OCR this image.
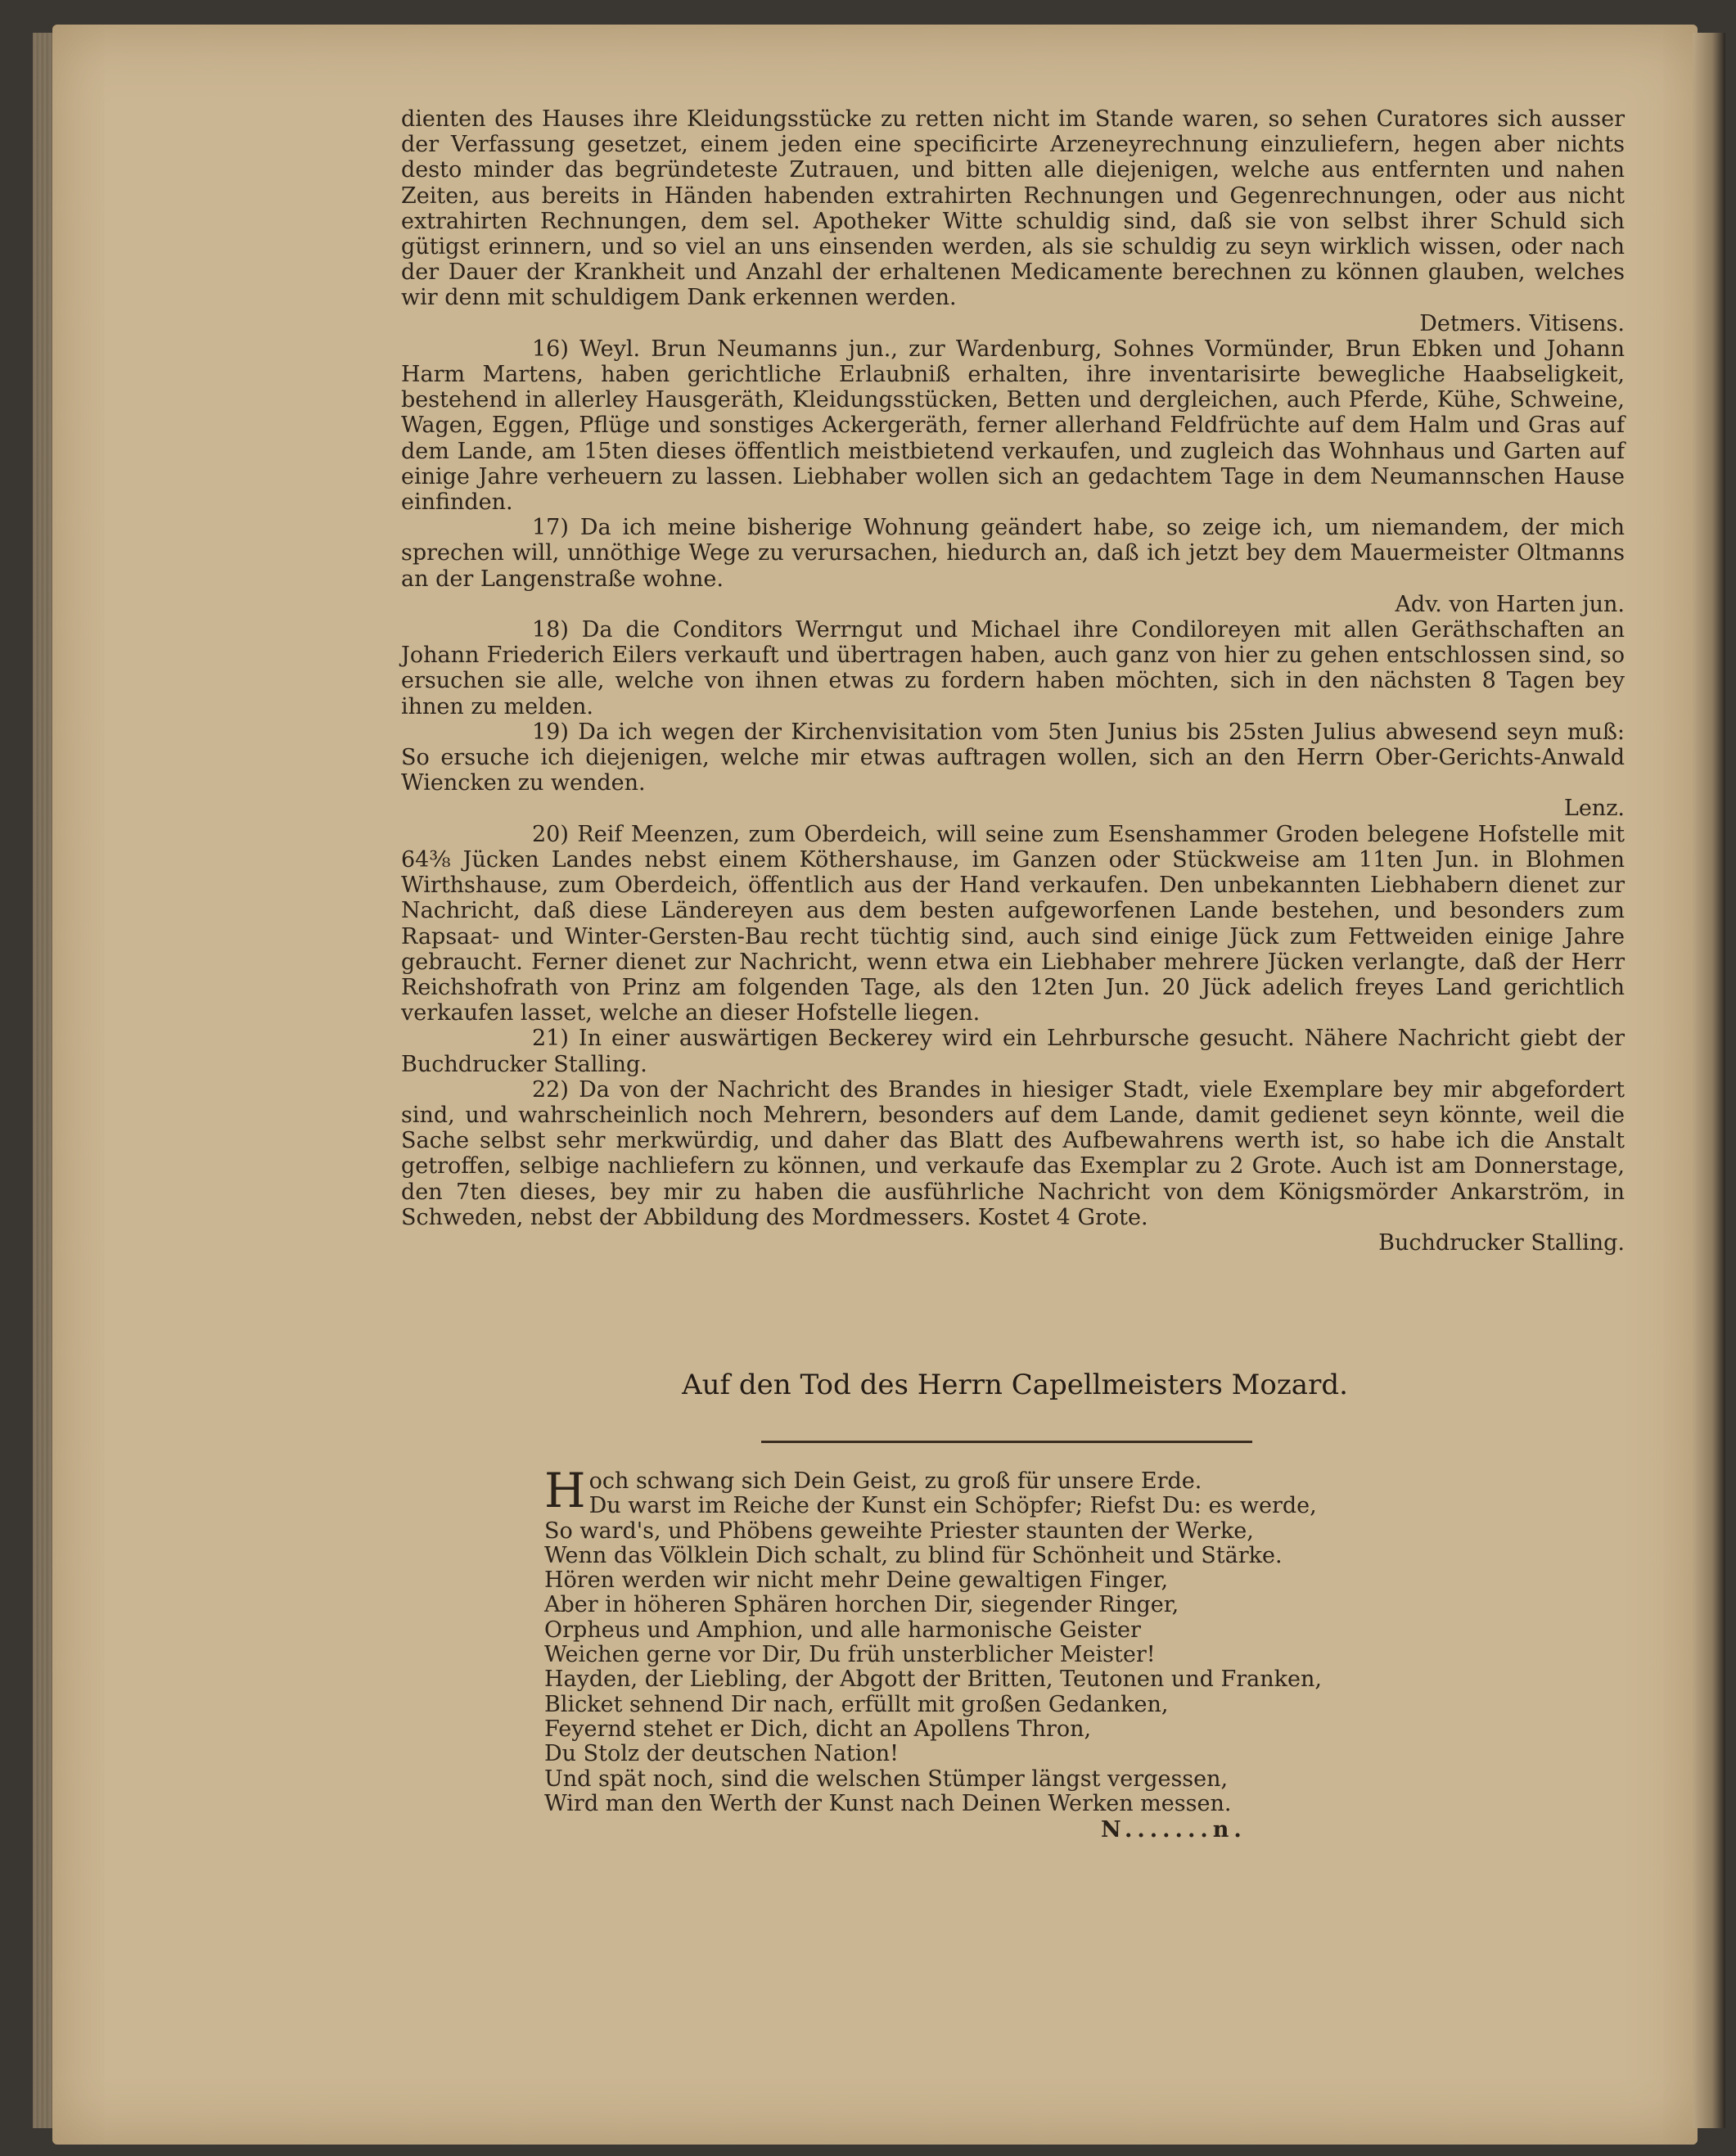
dienten des Hauses ihre Kleidungsstücke zu retten nicht im Stande waren, so sehen Curatores sich ausser der Verfassung gesetzet, einem jeden eine specificirte Arzeneyrechnung einzuliefern, hegen aber nichts desto minder das begründeteste Zutrauen, und bitten alle diejenigen, welche aus entfernten und nahen Zeiten, aus bereits in Händen habenden extrahirten Rechnungen und Gegenrechnungen, oder aus nicht extrahirten Rechnungen, dem sel. Apotheker Witte schuldig sind, daß sie von selbst ihrer Schuld sich gütigst erinnern, und so viel an uns einsenden werden, als sie schuldig zu seyn wirklich wissen, oder nach der Dauer der Krankheit und Anzahl der erhaltenen Medicamente berechnen zu können glauben, welches wir denn mit schuldigem Dank erkennen werden.
Detmers. Vitisens.

16) Weyl. Brun Neumanns jun., zur Wardenburg, Sohnes Vormünder, Brun Ebken und Johann Harm Martens, haben gerichtliche Erlaubniß erhalten, ihre inventarisirte bewegliche Haabseligkeit, bestehend in allerley Hausgeräth, Kleidungsstücken, Betten und dergleichen, auch Pferde, Kühe, Schweine, Wagen, Eggen, Pflüge und sonstiges Ackergeräth, ferner allerhand Feldfrüchte auf dem Halm und Gras auf dem Lande, am 15ten dieses öffentlich meistbietend verkaufen, und zugleich das Wohnhaus und Garten auf einige Jahre verheuern zu lassen. Liebhaber wollen sich an gedachtem Tage in dem Neumannschen Hause einfinden.

17) Da ich meine bisherige Wohnung geändert habe, so zeige ich, um niemandem, der mich sprechen will, unnöthige Wege zu verursachen, hiedurch an, daß ich jetzt bey dem Mauermeister Oltmanns an der Langenstraße wohne.
Adv. von Harten jun.

18) Da die Conditors Werrngut und Michael ihre Condiloreyen mit allen Geräthschaften an Johann Friederich Eilers verkauft und übertragen haben, auch ganz von hier zu gehen entschlossen sind, so ersuchen sie alle, welche von ihnen etwas zu fordern haben möchten, sich in den nächsten 8 Tagen bey ihnen zu melden.

19) Da ich wegen der Kirchenvisitation vom 5ten Junius bis 25sten Julius abwesend seyn muß: So ersuche ich diejenigen, welche mir etwas auftragen wollen, sich an den Herrn Ober-Gerichts-Anwald Wiencken zu wenden.
Lenz.

20) Reif Meenzen, zum Oberdeich, will seine zum Esenshammer Groden belegene Hofstelle mit 64⅜ Jücken Landes nebst einem Köthershause, im Ganzen oder Stückweise am 11ten Jun. in Blohmen Wirthshause, zum Oberdeich, öffentlich aus der Hand verkaufen. Den unbekannten Liebhabern dienet zur Nachricht, daß diese Ländereyen aus dem besten aufgeworfenen Lande bestehen, und besonders zum Rapsaat- und Winter-Gersten-Bau recht tüchtig sind, auch sind einige Jück zum Fettweiden einige Jahre gebraucht. Ferner dienet zur Nachricht, wenn etwa ein Liebhaber mehrere Jücken verlangte, daß der Herr Reichshofrath von Prinz am folgenden Tage, als den 12ten Jun. 20 Jück adelich freyes Land gerichtlich verkaufen lasset, welche an dieser Hofstelle liegen.

21) In einer auswärtigen Beckerey wird ein Lehrbursche gesucht. Nähere Nachricht giebt der Buchdrucker Stalling.

22) Da von der Nachricht des Brandes in hiesiger Stadt, viele Exemplare bey mir abgefordert sind, und wahrscheinlich noch Mehrern, besonders auf dem Lande, damit gedienet seyn könnte, weil die Sache selbst sehr merkwürdig, und daher das Blatt des Aufbewahrens werth ist, so habe ich die Anstalt getroffen, selbige nachliefern zu können, und verkaufe das Exemplar zu 2 Grote. Auch ist am Donnerstage, den 7ten dieses, bey mir zu haben die ausführliche Nachricht von dem Königsmörder Ankarström, in Schweden, nebst der Abbildung des Mordmessers. Kostet 4 Grote.
Buchdrucker Stalling.

Auf den Tod des Herrn Capellmeisters Mozard.
H och schwang sich Dein Geist, zu groß für unsere Erde.
Du warst im Reiche der Kunst ein Schöpfer; Riefst Du: es werde,
So ward's, und Phöbens geweihte Priester staunten der Werke,
Wenn das Völklein Dich schalt, zu blind für Schönheit und Stärke.
Hören werden wir nicht mehr Deine gewaltigen Finger,
Aber in höheren Sphären horchen Dir, siegender Ringer,
Orpheus und Amphion, und alle harmonische Geister
Weichen gerne vor Dir, Du früh unsterblicher Meister!
Hayden, der Liebling, der Abgott der Britten, Teutonen und Franken,
Blicket sehnend Dir nach, erfüllt mit großen Gedanken,
Feyernd stehet er Dich, dicht an Apollens Thron,
Du Stolz der deutschen Nation!
Und spät noch, sind die welschen Stümper längst vergessen,
Wird man den Werth der Kunst nach Deinen Werken messen.
N.......n.
